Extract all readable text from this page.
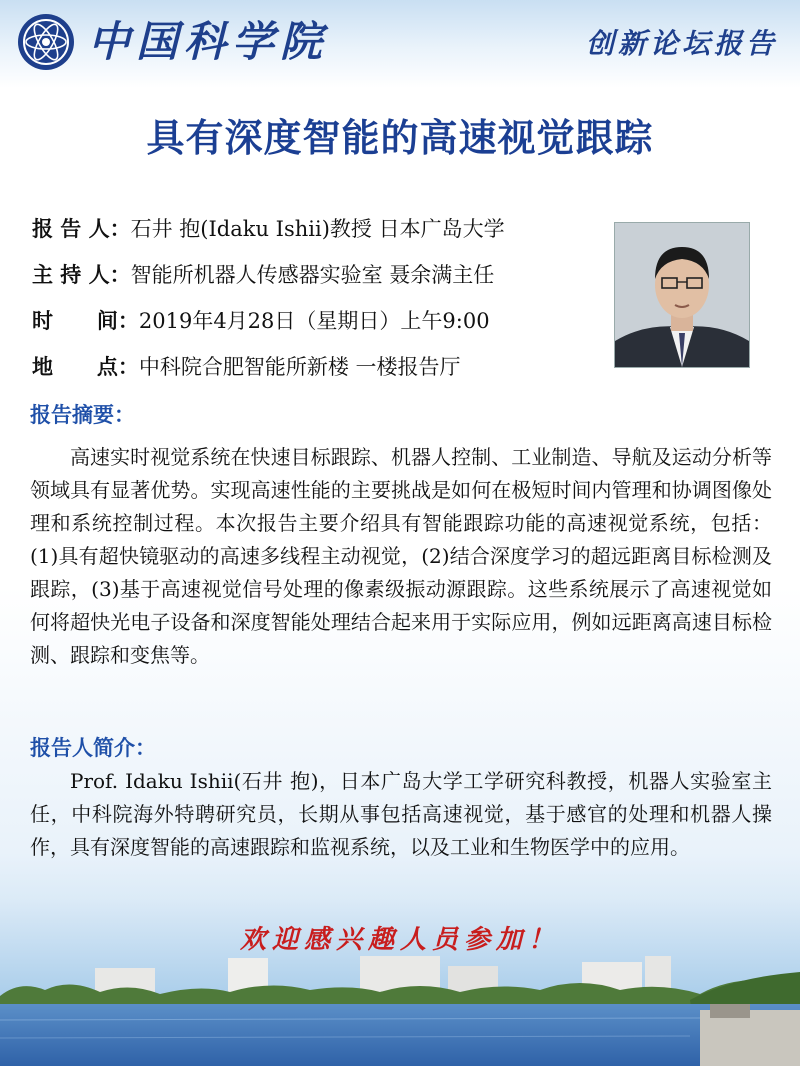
中国科学院	创新论坛报告
具有深度智能的高速视觉跟踪
报 告 人：石井 抱(Idaku Ishii)教授 日本广岛大学
主 持 人：智能所机器人传感器实验室 聂余满主任
时      间：2019年4月28日（星期日）上午9:00
地      点：中科院合肥智能所新楼 一楼报告厅
报告摘要：

高速实时视觉系统在快速目标跟踪、机器人控制、工业制造、导航及运动分析等领域具有显著优势。实现高速性能的主要挑战是如何在极短时间内管理和协调图像处理和系统控制过程。本次报告主要介绍具有智能跟踪功能的高速视觉系统，包括：(1)具有超快镜驱动的高速多线程主动视觉，(2)结合深度学习的超远距离目标检测及跟踪，(3)基于高速视觉信号处理的像素级振动源跟踪。这些系统展示了高速视觉如何将超快光电子设备和深度智能处理结合起来用于实际应用，例如远距离高速目标检测、跟踪和变焦等。

报告人简介：

Prof. Idaku Ishii(石井 抱)，日本广岛大学工学研究科教授，机器人实验室主任，中科院海外特聘研究员，长期从事包括高速视觉，基于感官的处理和机器人操作，具有深度智能的高速跟踪和监视系统，以及工业和生物医学中的应用。

欢迎感兴趣人员参加！
